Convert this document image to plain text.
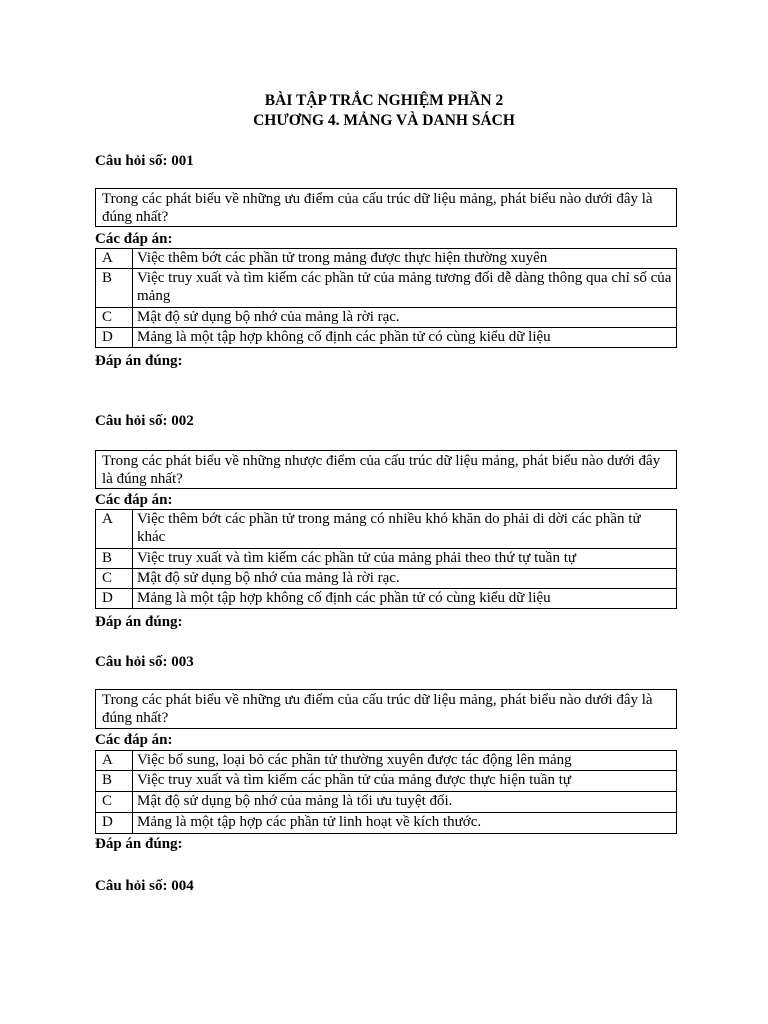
BÀI TẬP TRẮC NGHIỆM PHẦN 2
CHƯƠNG 4. MẢNG VÀ DANH SÁCH
Câu hỏi số: 001
Trong các phát biểu về những ưu điểm của cấu trúc dữ liệu mảng, phát biểu nào dưới đây là đúng nhất?
Các đáp án:
A	Việc thêm bớt các phần tử trong mảng được thực hiện thường xuyên
B	Việc truy xuất và tìm kiếm các phần tử của mảng tương đối dễ dàng thông qua chỉ số của mảng
C	Mật độ sử dụng bộ nhớ của mảng là rời rạc.
D	Mảng là một tập hợp không cố định các phần tử có cùng kiểu dữ liệu
Đáp án đúng:
Câu hỏi số: 002
Trong các phát biểu về những nhược điểm của cấu trúc dữ liệu mảng, phát biểu nào dưới đây là đúng nhất?
Các đáp án:
A	Việc thêm bớt các phần tử trong mảng có nhiều khó khăn do phải di dời các phần tử khác
B	Việc truy xuất và tìm kiếm các phần tử của mảng phải theo thứ tự tuần tự
C	Mật độ sử dụng bộ nhớ của mảng là rời rạc.
D	Mảng là một tập hợp không cố định các phần tử có cùng kiểu dữ liệu
Đáp án đúng:
Câu hỏi số: 003
Trong các phát biểu về những ưu điểm của cấu trúc dữ liệu mảng, phát biểu nào dưới đây là đúng nhất?
Các đáp án:
A	Việc bổ sung, loại bỏ các phần tử thường xuyên được tác động lên mảng
B	Việc truy xuất và tìm kiếm các phần tử của mảng được thực hiện tuần tự
C	Mật độ sử dụng bộ nhớ của mảng là tối ưu tuyệt đối.
D	Mảng là một tập hợp các phần tử linh hoạt về kích thước.
Đáp án đúng:
Câu hỏi số: 004
